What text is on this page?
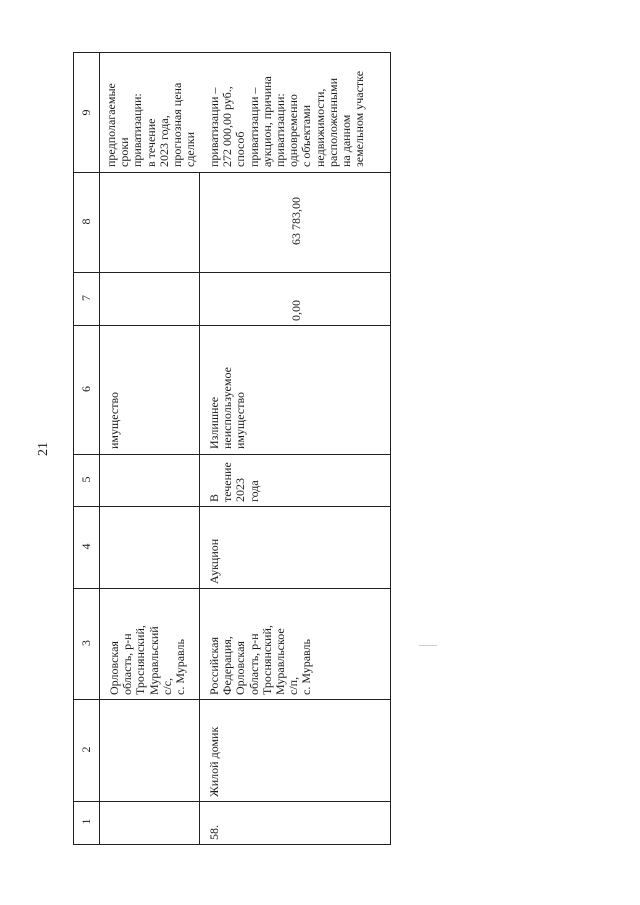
21
1
2
3
4
5
6
7
8
9
Орловская
область, р-н
Троснянский,
Муравльский
с/с,
с. Муравль
имущество
предполагаемые
сроки
приватизации:
в течение
2023 года,
прогнозная цена
сделки
58.
Жилой домик
Российская
Федерация,
Орловская
область, р-н
Троснянский,
Муравльское
с/п,
с. Муравль
Аукцион
В течение
2023 года
Излишнее
неиспользуемое
имущество
0,00
63 783,00
приватизации –
272 000,00 руб.,
способ
приватизации –
аукцион, причина
приватизации:
одновременно
с объектами
недвижимости,
расположенными
на данном
земельном участке
